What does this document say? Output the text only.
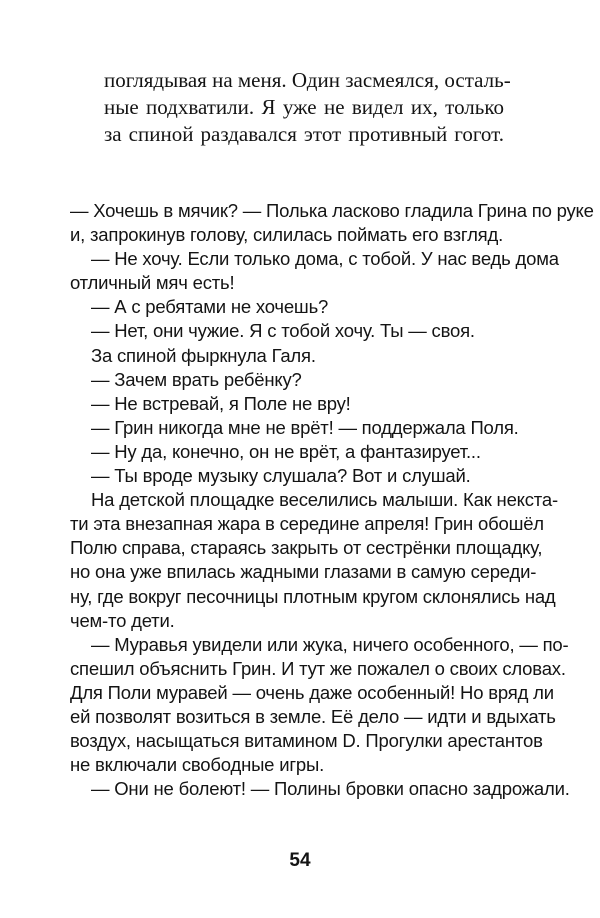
поглядывая на меня. Один засмеялся, осталь-
ные подхватили. Я уже не видел их, только
за спиной раздавался этот противный гогот.
— Хочешь в мячик? — Полька ласково гладила Грина по руке
и, запрокинув голову, силилась поймать его взгляд.
— Не хочу. Если только дома, с тобой. У нас ведь дома
отличный мяч есть!
— А с ребятами не хочешь?
— Нет, они чужие. Я с тобой хочу. Ты — своя.
За спиной фыркнула Галя.
— Зачем врать ребёнку?
— Не встревай, я Поле не вру!
— Грин никогда мне не врёт! — поддержала Поля.
— Ну да, конечно, он не врёт, а фантазирует...
— Ты вроде музыку слушала? Вот и слушай.
На детской площадке веселились малыши. Как некста-
ти эта внезапная жара в середине апреля! Грин обошёл
Полю справа, стараясь закрыть от сестрёнки площадку,
но она уже впилась жадными глазами в самую середи-
ну, где вокруг песочницы плотным кругом склонялись над
чем-то дети.
— Муравья увидели или жука, ничего особенного, — по-
спешил объяснить Грин. И тут же пожалел о своих словах.
Для Поли муравей — очень даже особенный! Но вряд ли
ей позволят возиться в земле. Её дело — идти и вдыхать
воздух, насыщаться витамином D. Прогулки арестантов
не включали свободные игры.
— Они не болеют! — Полины бровки опасно задрожали.
54
